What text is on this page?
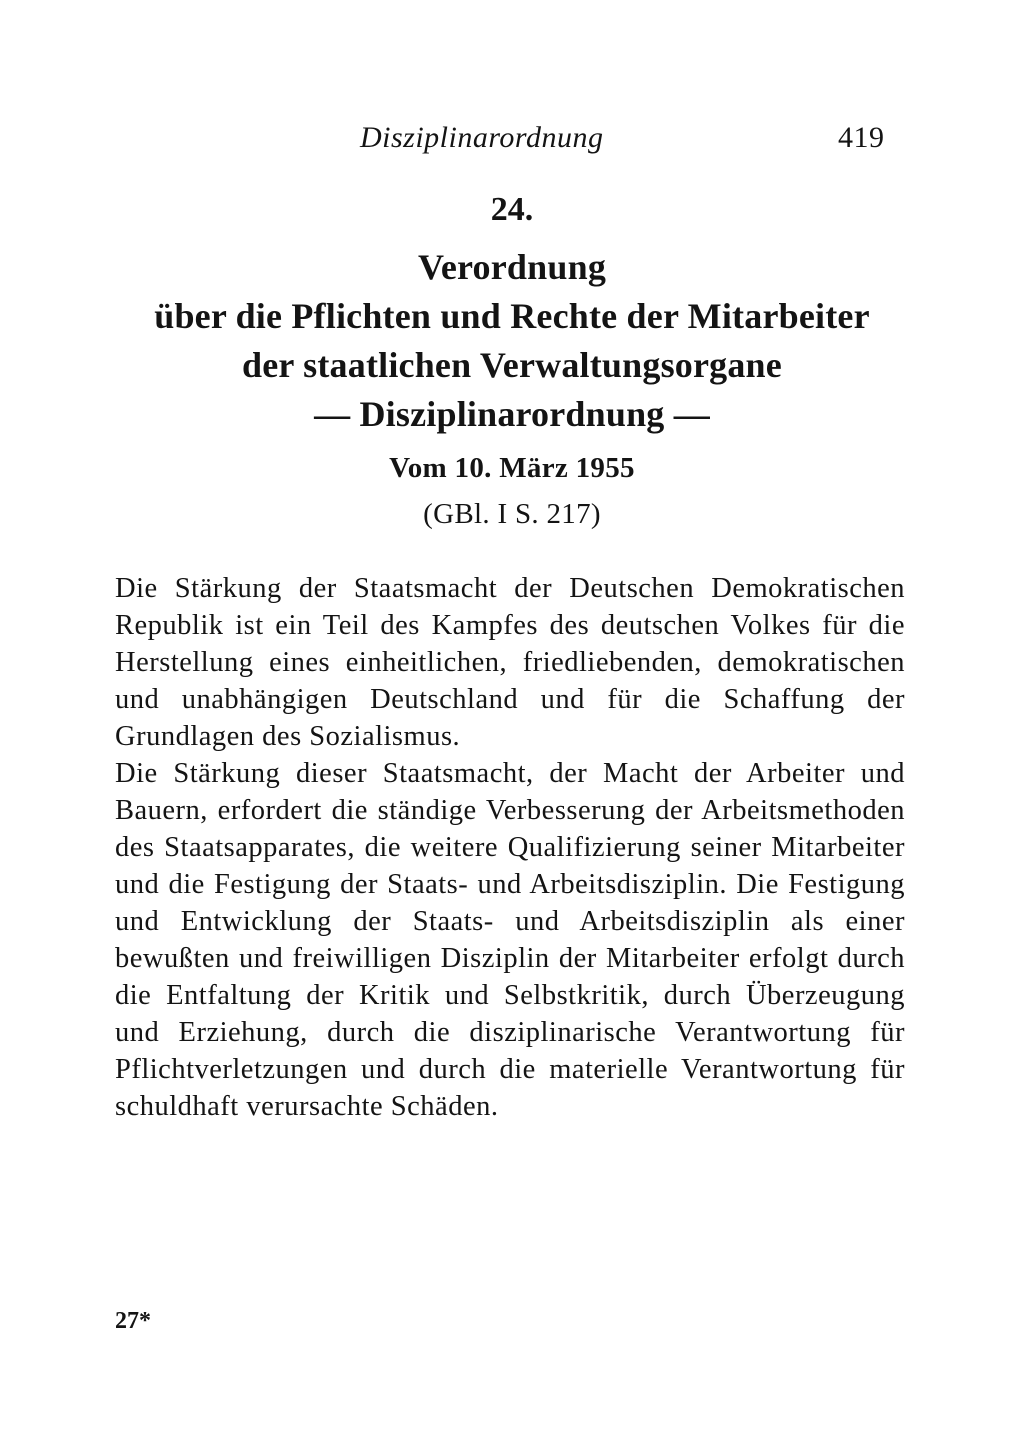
Disziplinarordnung	419
24.
Verordnung
über die Pflichten und Rechte der Mitarbeiter
der staatlichen Verwaltungsorgane
— Disziplinarordnung —
Vom 10. März 1955
(GBl. I S. 217)

Die Stärkung der Staatsmacht der Deutschen Demokratischen Republik ist ein Teil des Kampfes des deutschen Volkes für die Herstellung eines einheitlichen, friedliebenden, demokratischen und unabhängigen Deutschland und für die Schaffung der Grundlagen des Sozialismus.

Die Stärkung dieser Staatsmacht, der Macht der Arbeiter und Bauern, erfordert die ständige Verbesserung der Arbeitsmethoden des Staatsapparates, die weitere Qualifizierung seiner Mitarbeiter und die Festigung der Staats- und Arbeitsdisziplin. Die Festigung und Entwicklung der Staats- und Arbeitsdisziplin als einer bewußten und freiwilligen Disziplin der Mitarbeiter erfolgt durch die Entfaltung der Kritik und Selbstkritik, durch Überzeugung und Erziehung, durch die disziplinarische Verantwortung für Pflichtverletzungen und durch die materielle Verantwortung für schuldhaft verursachte Schäden.

27*
